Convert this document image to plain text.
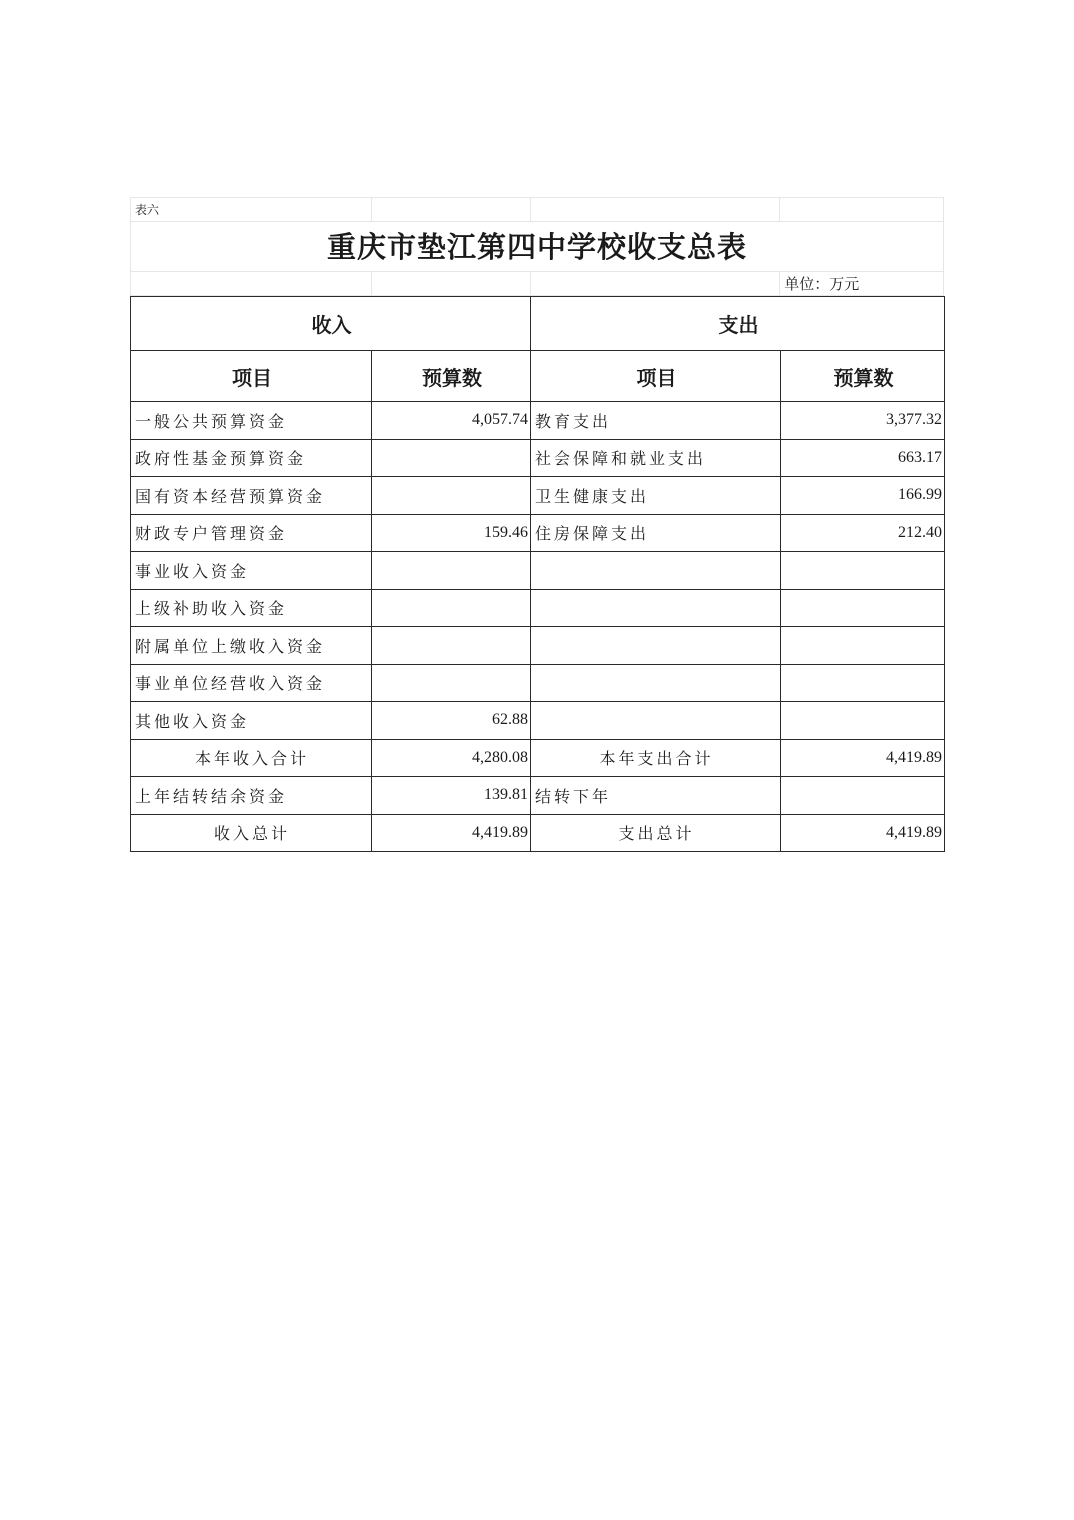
表六
重庆市垫江第四中学校收支总表
单位：万元
收入		支出	
项目	预算数	项目	预算数
一般公共预算资金	4,057.74	教育支出	3,377.32
政府性基金预算资金		社会保障和就业支出	663.17
国有资本经营预算资金		卫生健康支出	166.99
财政专户管理资金	159.46	住房保障支出	212.40
事业收入资金			
上级补助收入资金			
附属单位上缴收入资金			
事业单位经营收入资金			
其他收入资金	62.88		
本年收入合计	4,280.08	本年支出合计	4,419.89
上年结转结余资金	139.81	结转下年	
收入总计	4,419.89	支出总计	4,419.89
